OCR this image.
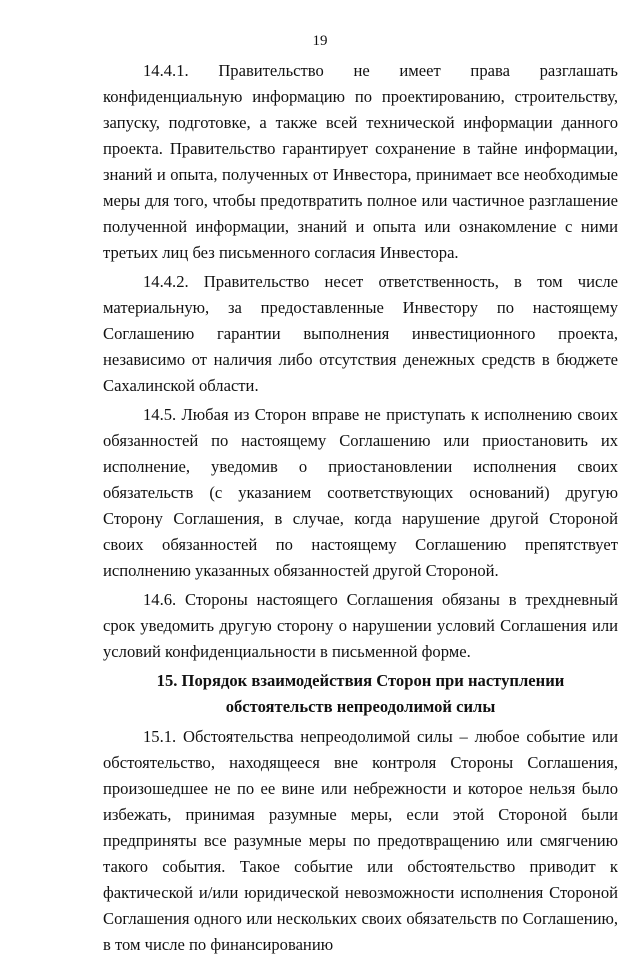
19

14.4.1. Правительство не имеет права разглашать конфиденциальную информацию по проектированию, строительству, запуску, подготовке, а также всей технической информации данного проекта. Правительство гарантирует сохранение в тайне информации, знаний и опыта, полученных от Инвестора, принимает все необходимые меры для того, чтобы предотвратить полное или частичное разглашение полученной информации, знаний и опыта или ознакомление с ними третьих лиц без письменного согласия Инвестора.

14.4.2. Правительство несет ответственность, в том числе материальную, за предоставленные Инвестору по настоящему Соглашению гарантии выполнения инвестиционного проекта, независимо от наличия либо отсутствия денежных средств в бюджете Сахалинской области.

14.5. Любая из Сторон вправе не приступать к исполнению своих обязанностей по настоящему Соглашению или приостановить их исполнение, уведомив о приостановлении исполнения своих обязательств (с указанием соответствующих оснований) другую Сторону Соглашения, в случае, когда нарушение другой Стороной своих обязанностей по настоящему Соглашению препятствует исполнению указанных обязанностей другой Стороной.

14.6. Стороны настоящего Соглашения обязаны в трехдневный срок уведомить другую сторону о нарушении условий Соглашения или условий конфиденциальности в письменной форме.

15. Порядок взаимодействия Сторон при наступлении
обстоятельств непреодолимой силы

15.1. Обстоятельства непреодолимой силы – любое событие или обстоятельство, находящееся вне контроля Стороны Соглашения, произошедшее не по ее вине или небрежности и которое нельзя было избежать, принимая разумные меры, если этой Стороной были предприняты все разумные меры по предотвращению или смягчению такого события. Такое событие или обстоятельство приводит к фактической и/или юридической невозможности исполнения Стороной Соглашения одного или нескольких своих обязательств по Соглашению, в том числе по финансированию
